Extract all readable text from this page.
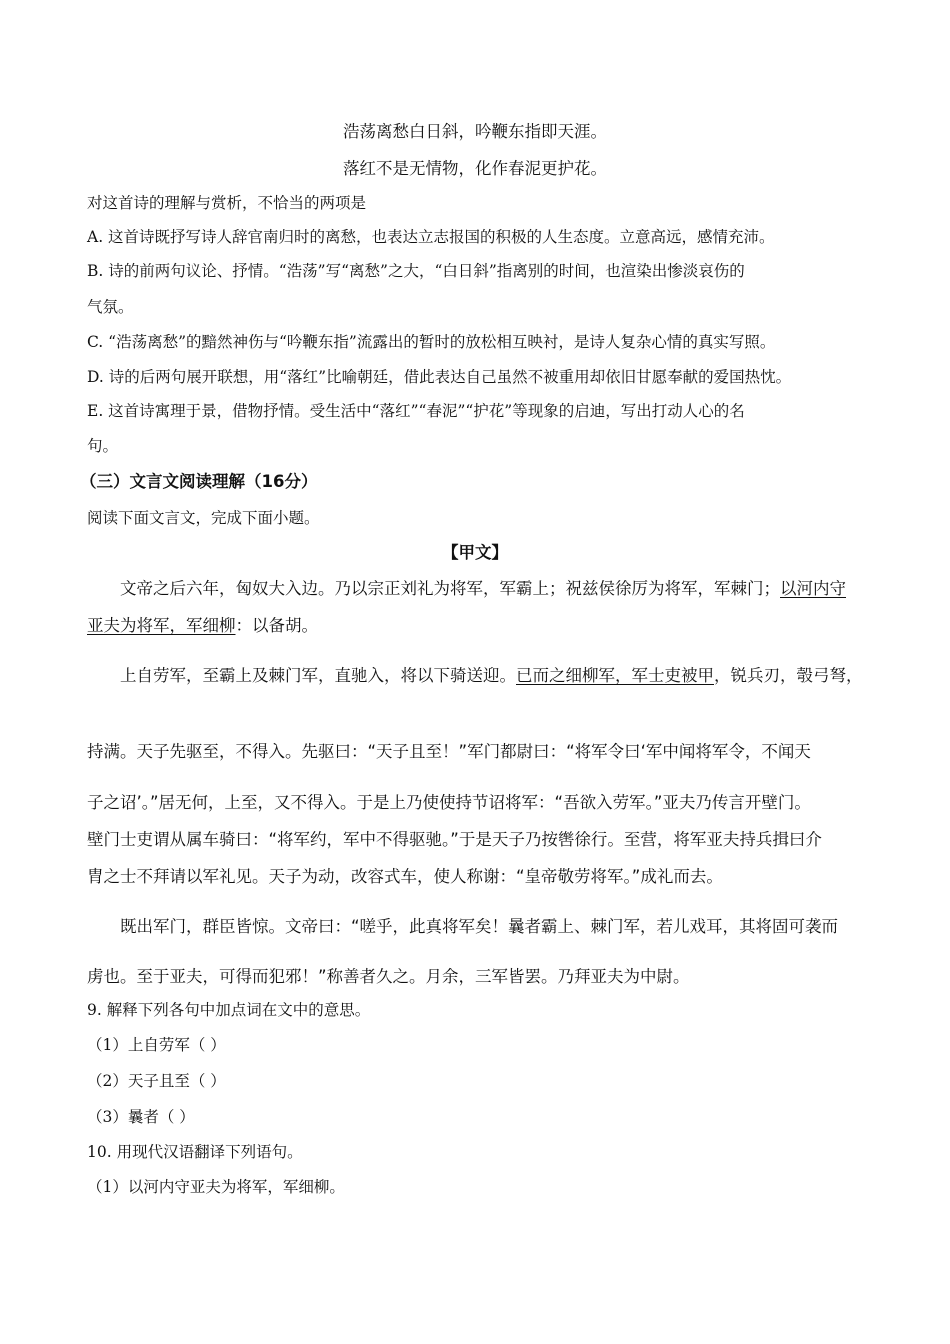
浩荡离愁白日斜，吟鞭东指即天涯。
落红不是无情物，化作春泥更护花。
对这首诗的理解与赏析，不恰当的两项是
A. 这首诗既抒写诗人辞官南归时的离愁，也表达立志报国的积极的人生态度。立意高远，感情充沛。
B. 诗的前两句议论、抒情。“浩荡”写“离愁”之大，“白日斜”指离别的时间，也渲染出惨淡哀伤的
气氛。
C. “浩荡离愁”的黯然神伤与“吟鞭东指”流露出的暂时的放松相互映衬，是诗人复杂心情的真实写照。
D. 诗的后两句展开联想，用“落红”比喻朝廷，借此表达自己虽然不被重用却依旧甘愿奉献的爱国热忱。
E. 这首诗寓理于景，借物抒情。受生活中“落红”“春泥”“护花”等现象的启迪，写出打动人心的名
句。
（三）文言文阅读理解（16分）
阅读下面文言文，完成下面小题。
【甲文】
文帝之后六年，匈奴大入边。乃以宗正刘礼为将军，军霸上；祝兹侯徐厉为将军，军棘门；以河内守
亚夫为将军，军细柳：以备胡。
上自劳军，至霸上及棘门军，直驰入，将以下骑送迎。已而之细柳军，军士吏被甲，锐兵刃，彀弓弩，
持满。天子先驱至，不得入。先驱曰：“天子且至！”军门都尉曰：“将军令曰‘军中闻将军令，不闻天
子之诏’。”居无何，上至，又不得入。于是上乃使使持节诏将军：“吾欲入劳军。”亚夫乃传言开壁门。
壁门士吏谓从属车骑曰：“将军约，军中不得驱驰。”于是天子乃按辔徐行。至营，将军亚夫持兵揖曰介
胄之士不拜请以军礼见。天子为动，改容式车，使人称谢：“皇帝敬劳将军。”成礼而去。
既出军门，群臣皆惊。文帝曰：“嗟乎，此真将军矣！曩者霸上、棘门军，若儿戏耳，其将固可袭而
虏也。至于亚夫，可得而犯邪！”称善者久之。月余，三军皆罢。乃拜亚夫为中尉。
9. 解释下列各句中加点词在文中的意思。
（1）上自劳军（ ）
（2）天子且至（ ）
（3）曩者（ ）
10. 用现代汉语翻译下列语句。
（1）以河内守亚夫为将军，军细柳。
